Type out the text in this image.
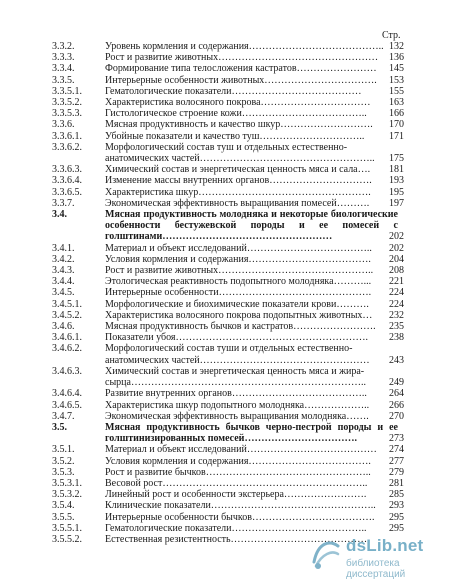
Стр.
3.3.2.	Уровень кормления и содержания………………………………….. 132
3.3.3.	Рост и развитие животных…………………………………………	136
3.3.4.	Формирование типа телосложения кастратов……………………	145
3.3.5.	Интерьерные особенности животных…………………………….	153
3.3.5.1. Гематологические показатели…………………………………	155
3.3.5.2. Характеристика волосяного покрова……………………………	163
3.3.5.3. Гистологическое строение кожи………………………………..	166
3.3.6.	Мясная продуктивность и качество шкур……………………….	170
3.3.6.1. Убойные показатели и качество туш…………………………..	171
3.3.6.2. Морфологический состав туш и отдельных естественно-
анатомических частей……………………………………………..	175
3.3.6.3. Химический состав и энергетическая ценность мяса и сала….	181
3.3.6.4. Изменение массы внутренних органов………………………….	193
3.3.6.5. Характеристика шкур…………………………………………….	195
3.3.7.	Экономическая эффективность выращивания помесей……….	197
3.4.	Мясная продуктивность молодняка и некоторые биологические особенности бестужевской породы и ее помесей с голштинами……………………………………………	202
3.4.1.	Материал и объект исследований………………………………..	202
3.4.2.	Условия кормления и содержания……………………………….	204
3.4.3.	Рост и развитие животных………………………………………..	208
3.4.4.	Этологическая реактивность подопытного молодняка………...	221
3.4.5.	Интерьерные особенности……………………………………….	224
3.4.5.1. Морфологические и биохимические показатели крови……….	224
3.4.5.2. Характеристика волосяного покрова подопытных животных…	232
3.4.6.	Мясная продуктивность бычков и кастратов…………………….	235
3.4.6.1. Показатели убоя………………………………………………….	238
3.4.6.2. Морфологический состав туши и отдельных естественно-
анатомических частей……………………………………………	243
3.4.6.3. Химический состав и энергетическая ценность мяса и жира-
сырца……………………………………………………………..	249
3.4.6.4. Развитие внутренних органов…………………………………..	264
3.4.6.5. Характеристика шкур подопытного молодняка………………..	266
3.4.7.	Экономическая эффективность выращивания молодняка…….	270
3.5.	Мясная продуктивность бычков черно-пестрой породы и ее голштинизированных помесей…………………………….	273
3.5.1.	Материал и объект исследований…………………………………	274
3.5.2.	Условия кормления и содержания……………………………….	277
3.5.3.	Рост и развитие бычков…………………………………………..	279
3.5.3.1. Весовой рост……………………………………………………..	281
3.5.3.2. Линейный рост и особенности экстерьера…………………….	285
3.5.4.	Клинические показатели…………………………………………..	293
3.5.5.	Интерьерные особенности бычков……………………………….	295
3.5.5.1. Гематологические показатели…………………………………..	295
3.5.5.2. Естественная резистентность……………………………………
dsLib.net
библиотека диссертаций
